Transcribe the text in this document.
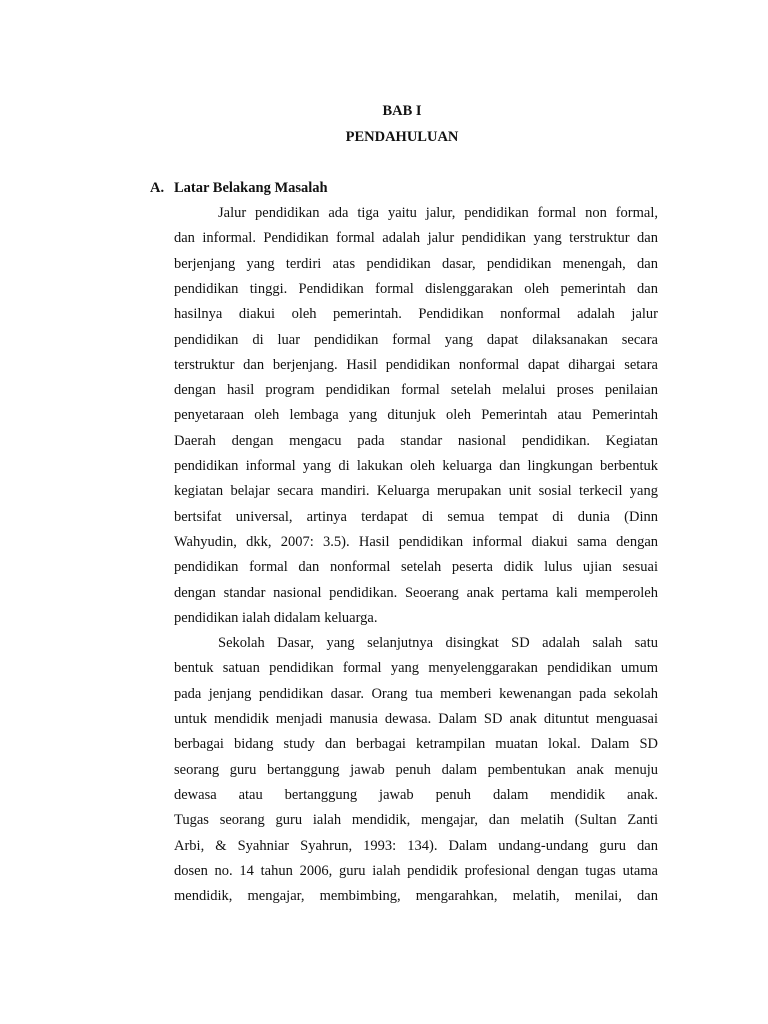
BAB I
PENDAHULUAN
A. Latar Belakang Masalah
Jalur pendidikan ada tiga yaitu jalur, pendidikan formal non formal,
dan informal. Pendidikan formal adalah jalur pendidikan yang terstruktur dan
berjenjang yang terdiri atas pendidikan dasar, pendidikan menengah, dan
pendidikan tinggi. Pendidikan formal dislenggarakan oleh pemerintah dan
hasilnya diakui oleh pemerintah. Pendidikan nonformal adalah jalur
pendidikan di luar pendidikan formal yang dapat dilaksanakan secara
terstruktur dan berjenjang. Hasil pendidikan nonformal dapat dihargai setara
dengan hasil program pendidikan formal setelah melalui proses penilaian
penyetaraan oleh lembaga yang ditunjuk oleh Pemerintah atau Pemerintah
Daerah dengan mengacu pada standar nasional pendidikan. Kegiatan
pendidikan informal yang di lakukan oleh keluarga dan lingkungan berbentuk
kegiatan belajar secara mandiri. Keluarga merupakan unit sosial terkecil yang
bertsifat universal, artinya terdapat di semua tempat di dunia (Dinn
Wahyudin, dkk, 2007: 3.5). Hasil pendidikan informal diakui sama dengan
pendidikan formal dan nonformal setelah peserta didik lulus ujian sesuai
dengan standar nasional pendidikan. Seoerang anak pertama kali memperoleh
pendidikan ialah didalam keluarga.
Sekolah Dasar, yang selanjutnya disingkat SD adalah salah satu
bentuk satuan pendidikan formal yang menyelenggarakan pendidikan umum
pada jenjang pendidikan dasar. Orang tua memberi kewenangan pada sekolah
untuk mendidik menjadi manusia dewasa. Dalam SD anak dituntut menguasai
berbagai bidang study dan berbagai ketrampilan muatan lokal. Dalam SD
seorang guru bertanggung jawab penuh dalam pembentukan anak menuju
dewasa atau bertanggung jawab penuh dalam mendidik anak.
Tugas seorang guru ialah mendidik, mengajar, dan melatih (Sultan Zanti
Arbi, & Syahniar Syahrun, 1993: 134). Dalam undang-undang guru dan
dosen no. 14 tahun 2006, guru ialah pendidik profesional dengan tugas utama
mendidik, mengajar, membimbing, mengarahkan, melatih, menilai, dan
